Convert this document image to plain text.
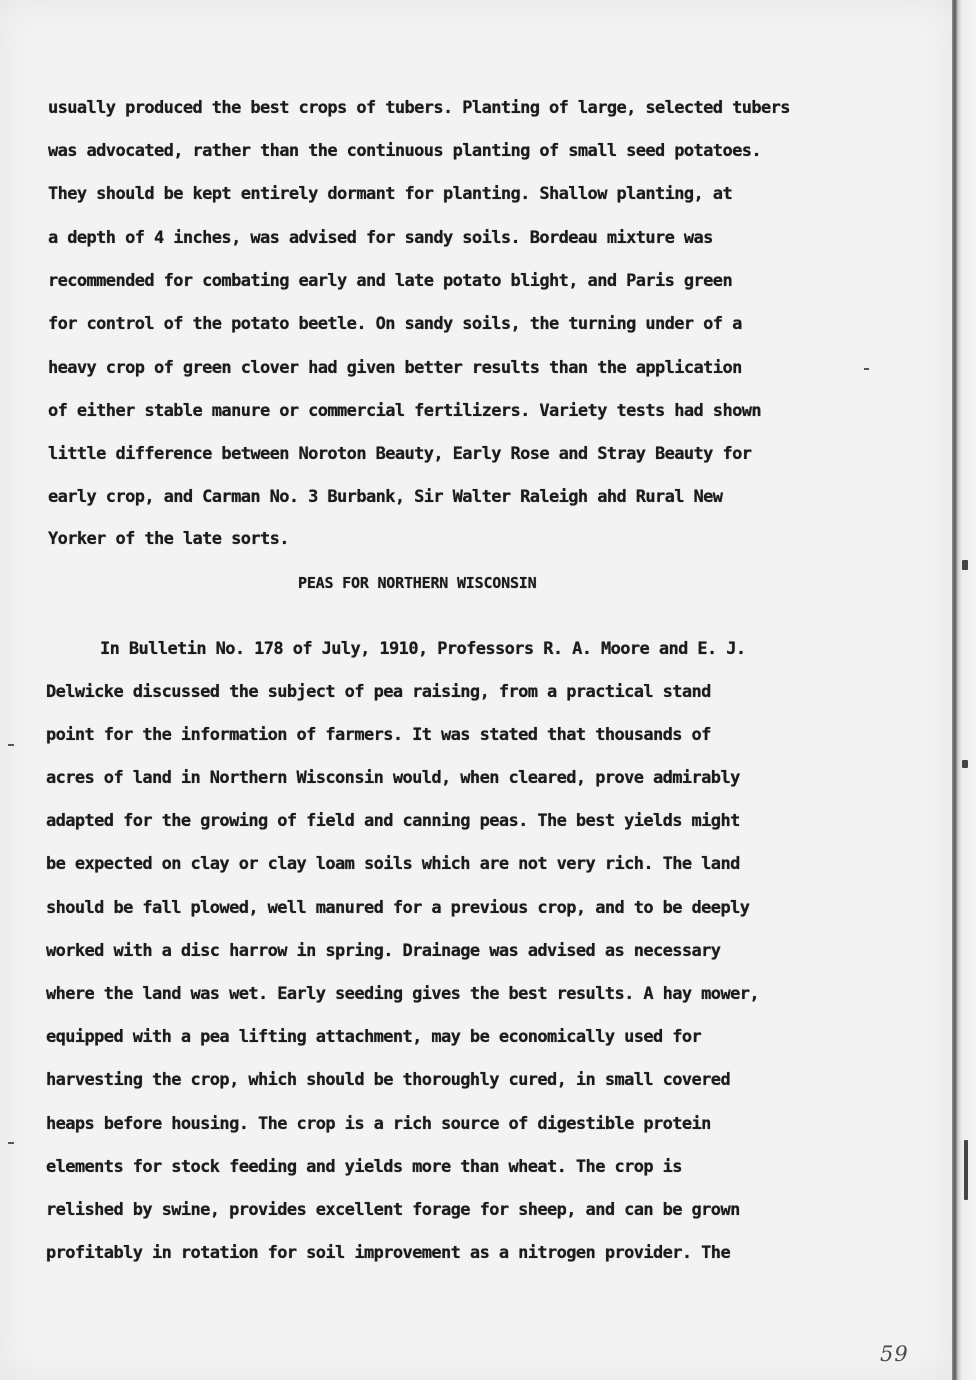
usually produced the best crops of tubers. Planting of large, selected tubers
was advocated, rather than the continuous planting of small seed potatoes.
They should be kept entirely dormant for planting. Shallow planting, at
a depth of 4 inches, was advised for sandy soils. Bordeau mixture was
recommended for combating early and late potato blight, and Paris green
for control of the potato beetle. On sandy soils, the turning under of a
heavy crop of green clover had given better results than the application
of either stable manure or commercial fertilizers. Variety tests had shown
little difference between Noroton Beauty, Early Rose and Stray Beauty for
early crop, and Carman No. 3 Burbank, Sir Walter Raleigh ahd Rural New
Yorker of the late sorts.
PEAS FOR NORTHERN WISCONSIN
In Bulletin No. 178 of July, 1910, Professors R. A. Moore and E. J.
Delwicke discussed the subject of pea raising, from a practical stand
point for the information of farmers. It was stated that thousands of
acres of land in Northern Wisconsin would, when cleared, prove admirably
adapted for the growing of field and canning peas. The best yields might
be expected on clay or clay loam soils which are not very rich. The land
should be fall plowed, well manured for a previous crop, and to be deeply
worked with a disc harrow in spring. Drainage was advised as necessary
where the land was wet. Early seeding gives the best results. A hay mower,
equipped with a pea lifting attachment, may be economically used for
harvesting the crop, which should be thoroughly cured, in small covered
heaps before housing. The crop is a rich source of digestible protein
elements for stock feeding and yields more than wheat. The crop is
relished by swine, provides excellent forage for sheep, and can be grown
profitably in rotation for soil improvement as a nitrogen provider. The
59
